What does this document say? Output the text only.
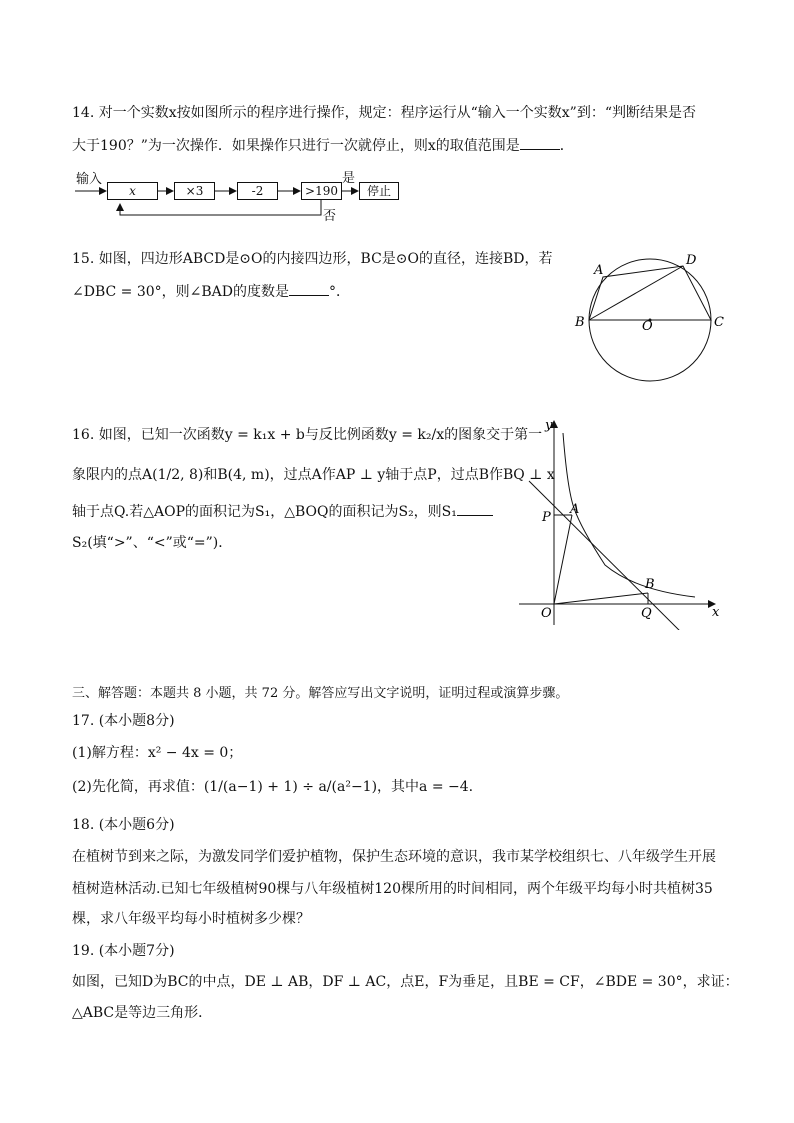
14. 对一个实数x按如图所示的程序进行操作，规定：程序运行从“输入一个实数x”到：“判断结果是否
大于190？”为一次操作．如果操作只进行一次就停止，则x的取值范围是	．
输入
x	×3	-2	>190
是
停止
否
15. 如图，四边形ABCD是⊙O的内接四边形，BC是⊙O的直径，连接BD，若
∠DBC = 30°，则∠BAD的度数是	°．
A
D
B	C
O
16. 如图，已知一次函数y = k₁x + b与反比例函数y = k₂/x的图象交于第一
象限内的点A(1/2, 8)和B(4, m)，过点A作AP ⊥ y轴于点P，过点B作BQ ⊥ x
轴于点Q.若△AOP的面积记为S₁，△BOQ的面积记为S₂，则S₁
S₂(填“>”、“<”或“=”)．
y
x
P
A
B
O	Q
三、解答题：本题共 8 小题，共 72 分。解答应写出文字说明，证明过程或演算步骤。
17. (本小题8分)
(1)解方程：x² − 4x = 0；
(2)先化简，再求值：(1/(a−1) + 1) ÷ a/(a²−1)，其中a = −4.
18. (本小题6分)
在植树节到来之际，为激发同学们爱护植物，保护生态环境的意识，我市某学校组织七、八年级学生开展
植树造林活动.已知七年级植树90棵与八年级植树120棵所用的时间相同，两个年级平均每小时共植树35
棵，求八年级平均每小时植树多少棵？
19. (本小题7分)
如图，已知D为BC的中点，DE ⊥ AB，DF ⊥ AC，点E，F为垂足，且BE = CF，∠BDE = 30°，求证：
△ABC是等边三角形．
